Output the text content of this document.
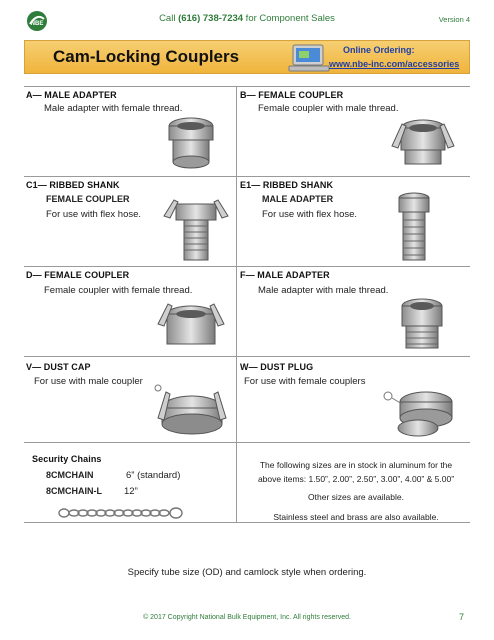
NBE	Call (616) 738-7234 for Component Sales	Version 4
Cam-Locking Couplers	Online Ordering:
www.nbe-inc.com/accessories
A— MALE ADAPTER
Male adapter with female thread.
B— FEMALE COUPLER
Female coupler with male thread.
C1— RIBBED SHANK
FEMALE COUPLER
For use with flex hose.
E1— RIBBED SHANK
MALE ADAPTER
For use with flex hose.
D— FEMALE COUPLER
Female coupler with female thread.
F— MALE ADAPTER
Male adapter with male thread.
V— DUST CAP
For use with male coupler
W— DUST PLUG
For use with female couplers
Security Chains
8CMCHAIN	6” (standard)
8CMCHAIN-L 12”
The following sizes are in stock in aluminum for the
above items: 1.50”, 2.00”, 2.50”, 3.00”, 4.00” & 5.00”
Other sizes are available.
Stainless steel and brass are also available.
Specify tube size (OD) and camlock style when ordering.
© 2017 Copyright National Bulk Equipment, Inc. All rights reserved.	7
